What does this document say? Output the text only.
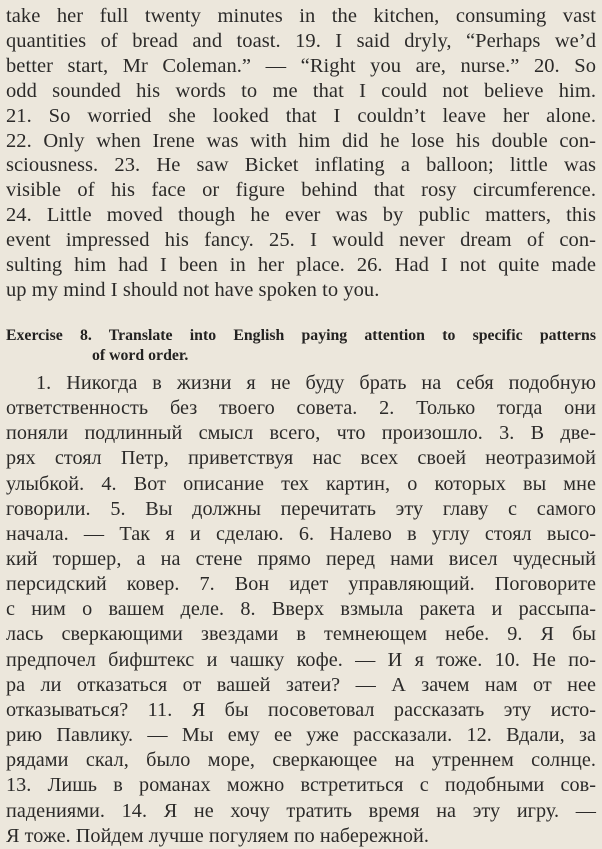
take her full twenty minutes in the kitchen, consuming vast
quantities of bread and toast. 19. I said dryly, “Perhaps we’d
better start, Mr Coleman.” — “Right you are, nurse.” 20. So
odd sounded his words to me that I could not believe him.
21. So worried she looked that I couldn’t leave her alone.
22. Only when Irene was with him did he lose his double con-
sciousness. 23. He saw Bicket inflating a balloon; little was
visible of his face or figure behind that rosy circumference.
24. Little moved though he ever was by public matters, this
event impressed his fancy. 25. I would never dream of con-
sulting him had I been in her place. 26. Had I not quite made
up my mind I should not have spoken to you.
Exercise 8. Translate into English paying attention to specific patterns
of word order.
1. Никогда в жизни я не буду брать на себя подобную
ответственность без твоего совета. 2. Только тогда они
поняли подлинный смысл всего, что произошло. 3. В две-
рях стоял Петр, приветствуя нас всех своей неотразимой
улыбкой. 4. Вот описание тех картин, о которых вы мне
говорили. 5. Вы должны перечитать эту главу с самого
начала. — Так я и сделаю. 6. Налево в углу стоял высо-
кий торшер, а на стене прямо перед нами висел чудесный
персидский ковер. 7. Вон идет управляющий. Поговорите
с ним о вашем деле. 8. Вверх взмыла ракета и рассыпа-
лась сверкающими звездами в темнеющем небе. 9. Я бы
предпочел бифштекс и чашку кофе. — И я тоже. 10. Не по-
ра ли отказаться от вашей затеи? — А зачем нам от нее
отказываться? 11. Я бы посоветовал рассказать эту исто-
рию Павлику. — Мы ему ее уже рассказали. 12. Вдали, за
рядами скал, было море, сверкающее на утреннем солнце.
13. Лишь в романах можно встретиться с подобными сов-
падениями. 14. Я не хочу тратить время на эту игру. —
Я тоже. Пойдем лучше погуляем по набережной.
